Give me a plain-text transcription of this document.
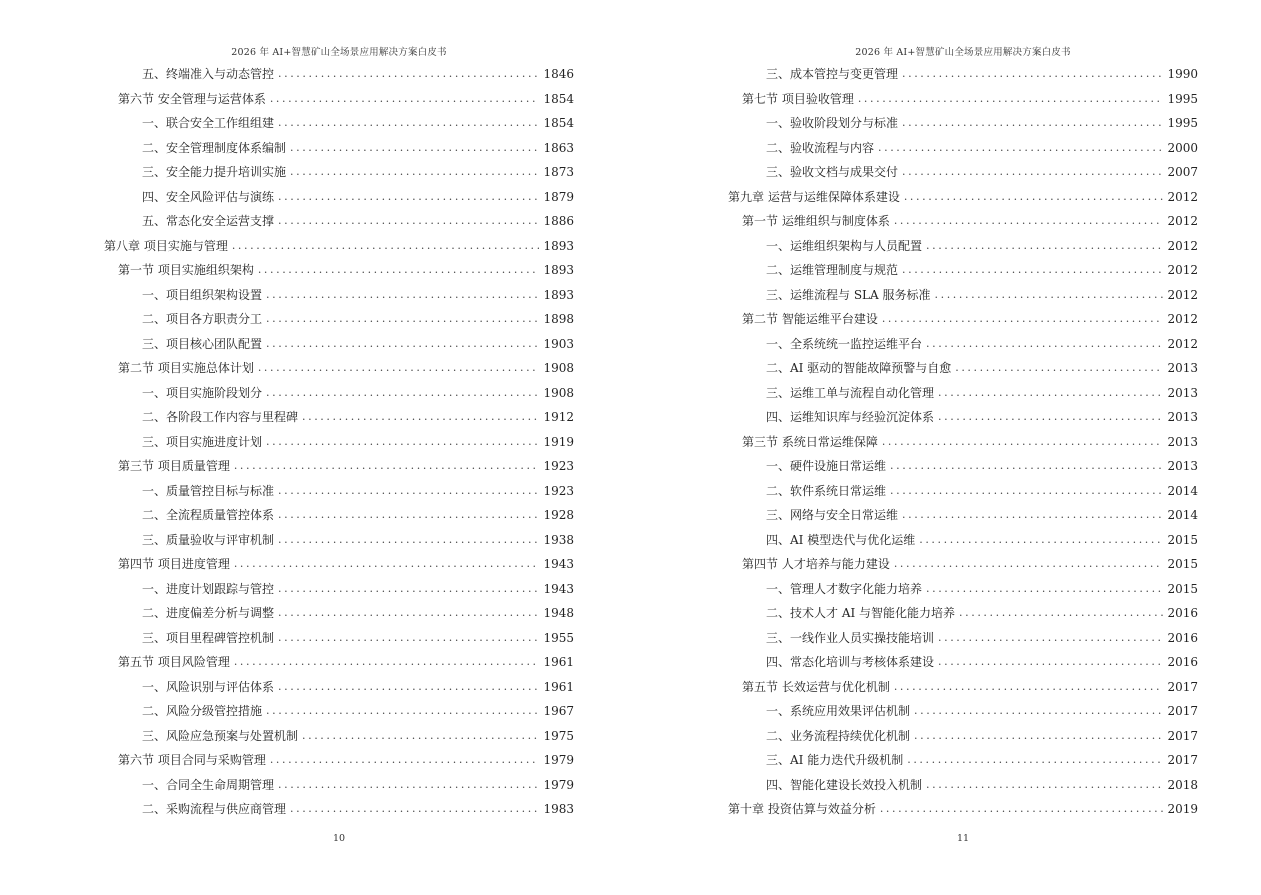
2026 年 AI+智慧矿山全场景应用解决方案白皮书
五、终端准入与动态管控 .....	1846
第六节 安全管理与运营体系 .....	1854
一、联合安全工作组组建 .....	1854
二、安全管理制度体系编制 .....	1863
三、安全能力提升培训实施 .....	1873
四、安全风险评估与演练 .....	1879
五、常态化安全运营支撑 .....	1886
第八章 项目实施与管理 .....	1893
第一节 项目实施组织架构 .....	1893
一、项目组织架构设置 .....	1893
二、项目各方职责分工 .....	1898
三、项目核心团队配置 .....	1903
第二节 项目实施总体计划 .....	1908
一、项目实施阶段划分 .....	1908
二、各阶段工作内容与里程碑 .....	1912
三、项目实施进度计划 .....	1919
第三节 项目质量管理 .....	1923
一、质量管控目标与标准 .....	1923
二、全流程质量管控体系 .....	1928
三、质量验收与评审机制 .....	1938
第四节 项目进度管理 .....	1943
一、进度计划跟踪与管控 .....	1943
二、进度偏差分析与调整 .....	1948
三、项目里程碑管控机制 .....	1955
第五节 项目风险管理 .....	1961
一、风险识别与评估体系 .....	1961
二、风险分级管控措施 .....	1967
三、风险应急预案与处置机制 .....	1975
第六节 项目合同与采购管理 .....	1979
一、合同全生命周期管理 .....	1979
二、采购流程与供应商管理 .....	1983
10
2026 年 AI+智慧矿山全场景应用解决方案白皮书
三、成本管控与变更管理 .....	1990
第七节 项目验收管理 .....	1995
一、验收阶段划分与标准 .....	1995
二、验收流程与内容 .....	2000
三、验收文档与成果交付 .....	2007
第九章 运营与运维保障体系建设 .....	2012
第一节 运维组织与制度体系 .....	2012
一、运维组织架构与人员配置 .....	2012
二、运维管理制度与规范 .....	2012
三、运维流程与 SLA 服务标准 .....	2012
第二节 智能运维平台建设 .....	2012
一、全系统统一监控运维平台 .....	2012
二、AI 驱动的智能故障预警与自愈 .....	2013
三、运维工单与流程自动化管理 .....	2013
四、运维知识库与经验沉淀体系 .....	2013
第三节 系统日常运维保障 .....	2013
一、硬件设施日常运维 .....	2013
二、软件系统日常运维 .....	2014
三、网络与安全日常运维 .....	2014
四、AI 模型迭代与优化运维 .....	2015
第四节 人才培养与能力建设 .....	2015
一、管理人才数字化能力培养 .....	2015
二、技术人才 AI 与智能化能力培养 .....	2016
三、一线作业人员实操技能培训 .....	2016
四、常态化培训与考核体系建设 .....	2016
第五节 长效运营与优化机制 .....	2017
一、系统应用效果评估机制 .....	2017
二、业务流程持续优化机制 .....	2017
三、AI 能力迭代升级机制 .....	2017
四、智能化建设长效投入机制 .....	2018
第十章 投资估算与效益分析 .....	2019
11
